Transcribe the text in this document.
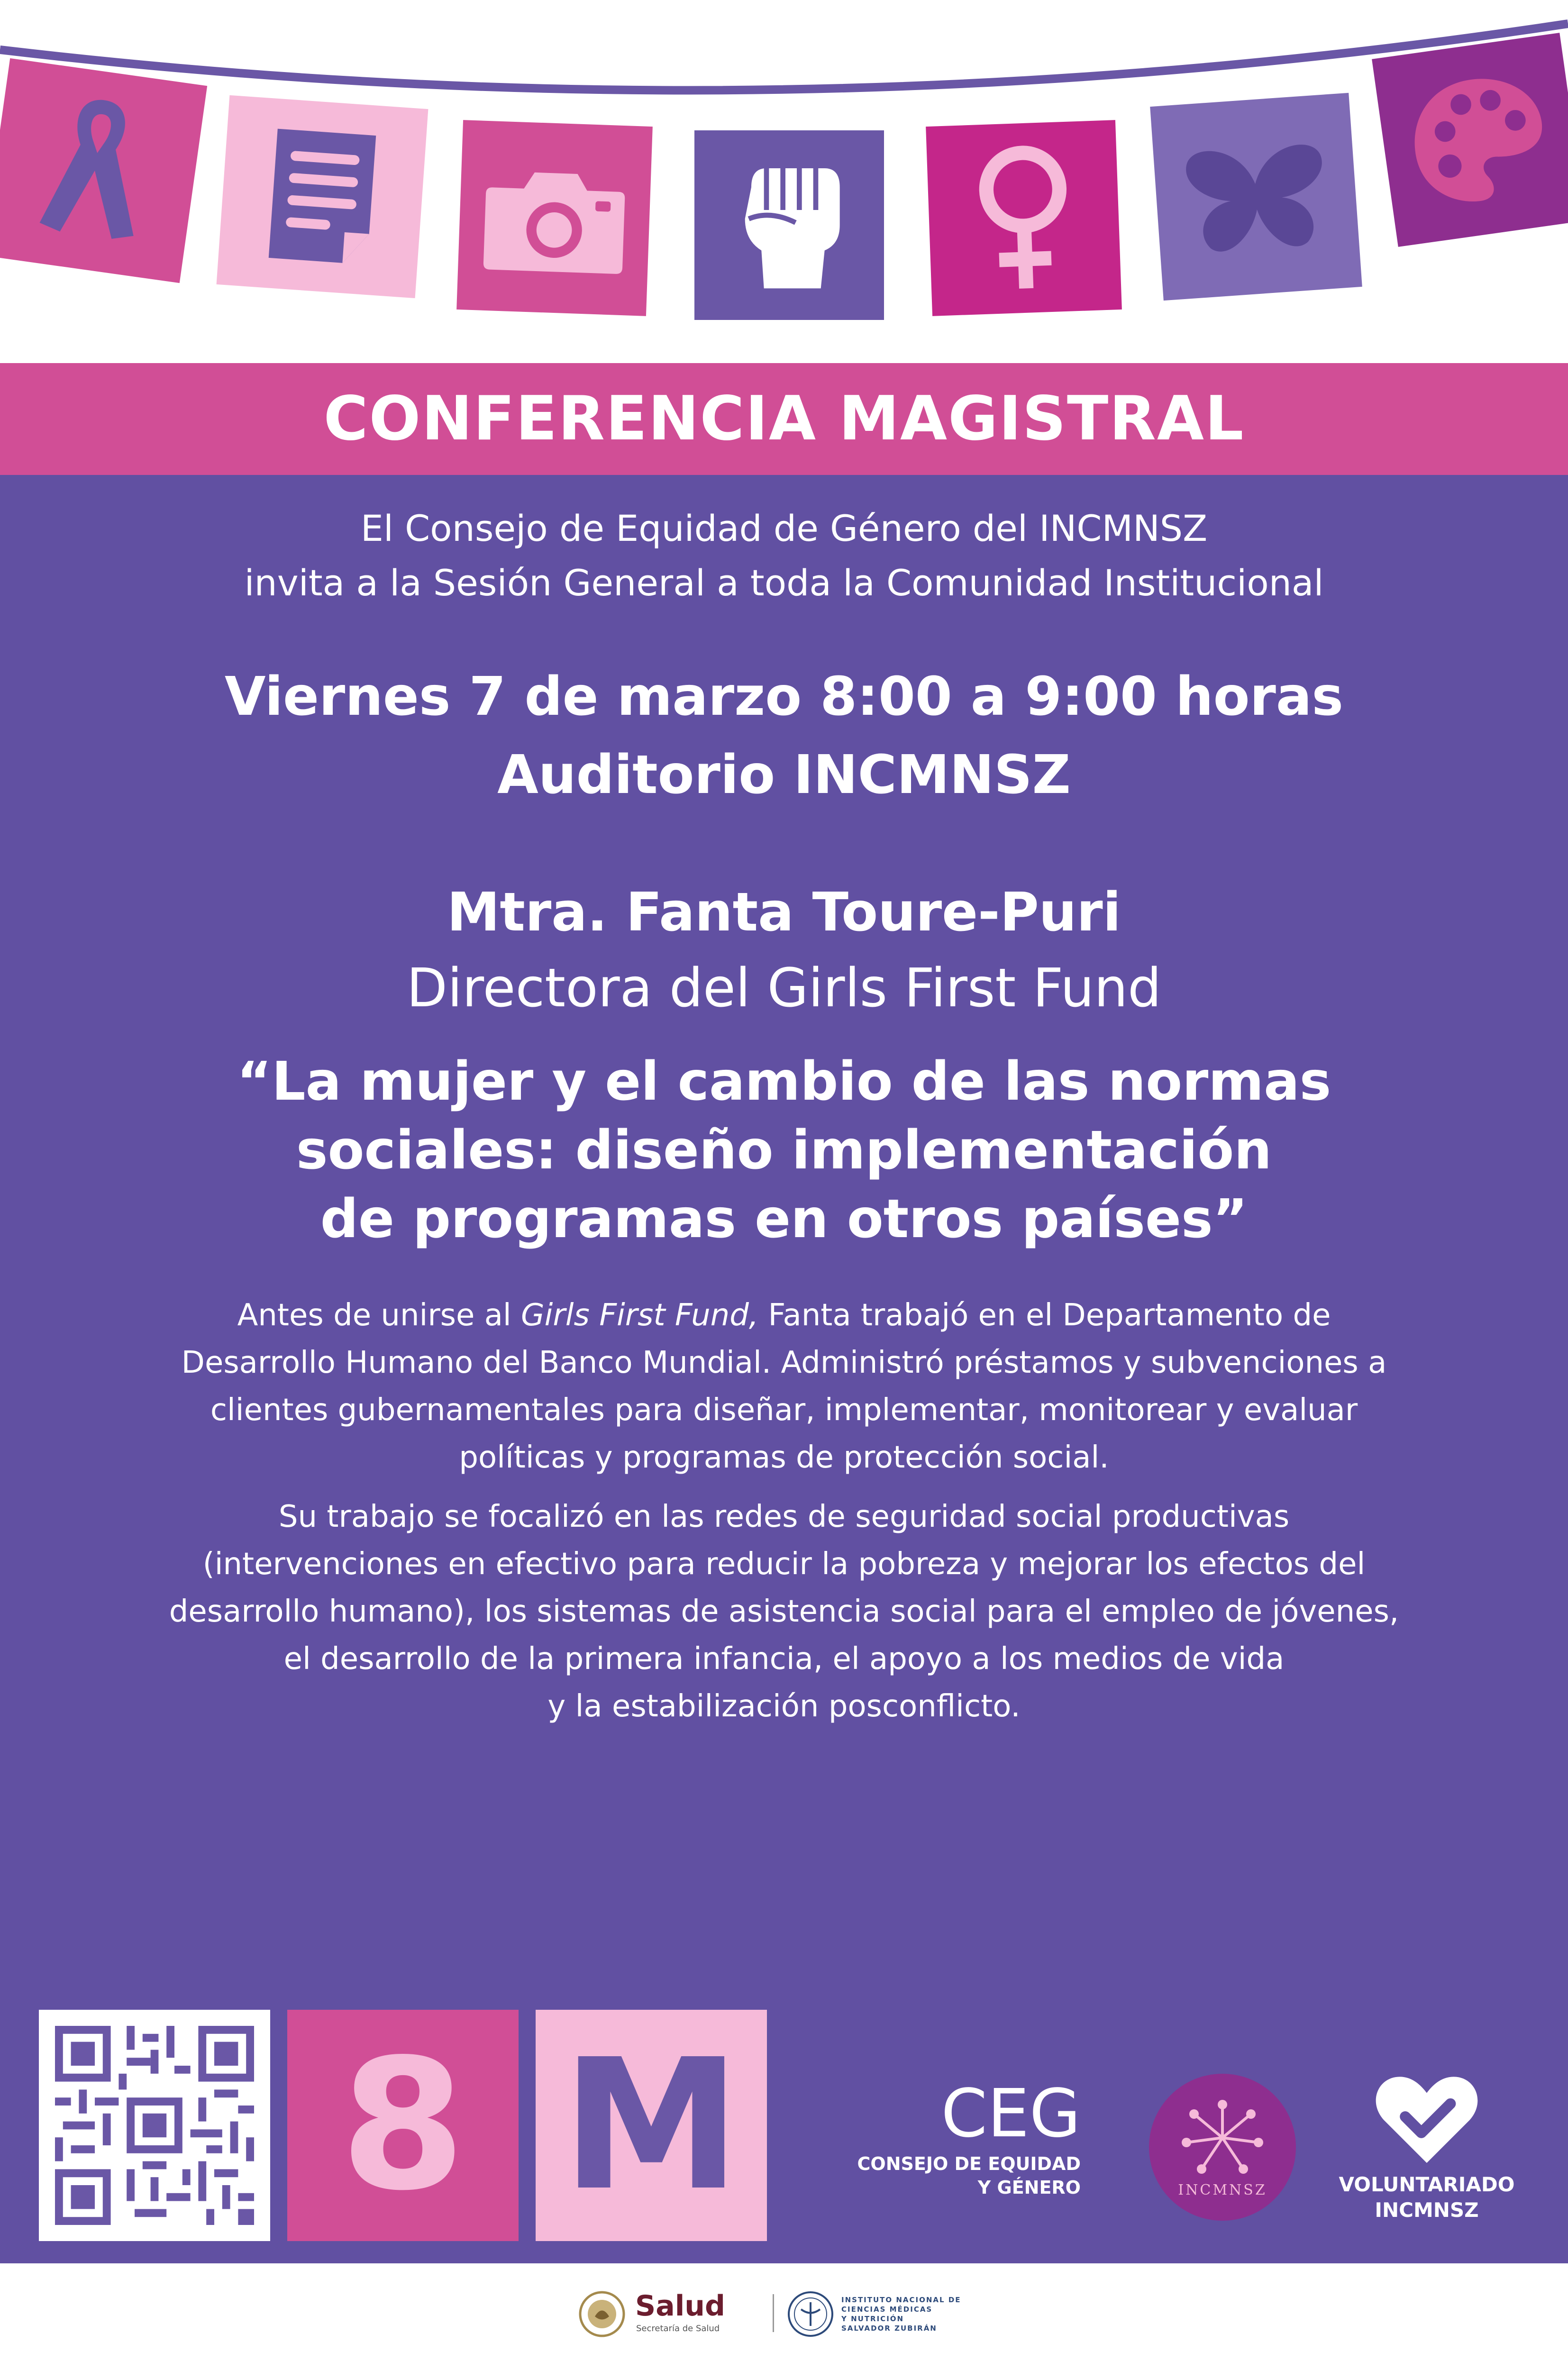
CONFERENCIA MAGISTRAL
El Consejo de Equidad de Género del INCMNSZ
invita a la Sesión General a toda la Comunidad Institucional
Viernes 7 de marzo 8:00 a 9:00 horas
Auditorio INCMNSZ
Mtra. Fanta Toure-Puri
Directora del Girls First Fund
“La mujer y el cambio de las normas
sociales: diseño implementación
de programas en otros países”
Antes de unirse al Girls First Fund, Fanta trabajó en el Departamento de
Desarrollo Humano del Banco Mundial. Administró préstamos y subvenciones a
clientes gubernamentales para diseñar, implementar, monitorear y evaluar
políticas y programas de protección social.
Su trabajo se focalizó en las redes de seguridad social productivas
(intervenciones en efectivo para reducir la pobreza y mejorar los efectos del
desarrollo humano), los sistemas de asistencia social para el empleo de jóvenes,
el desarrollo de la primera infancia, el apoyo a los medios de vida
y la estabilización posconflicto.
8 M	CEG
CONSEJO DE EQUIDAD
Y GÉNERO	INCMNSZ	VOLUNTARIADO
INCMNSZ
Salud
Secretaría de Salud
INSTITUTO NACIONAL DE
CIENCIAS MÉDICAS
Y NUTRICIÓN
SALVADOR ZUBIRÁN
